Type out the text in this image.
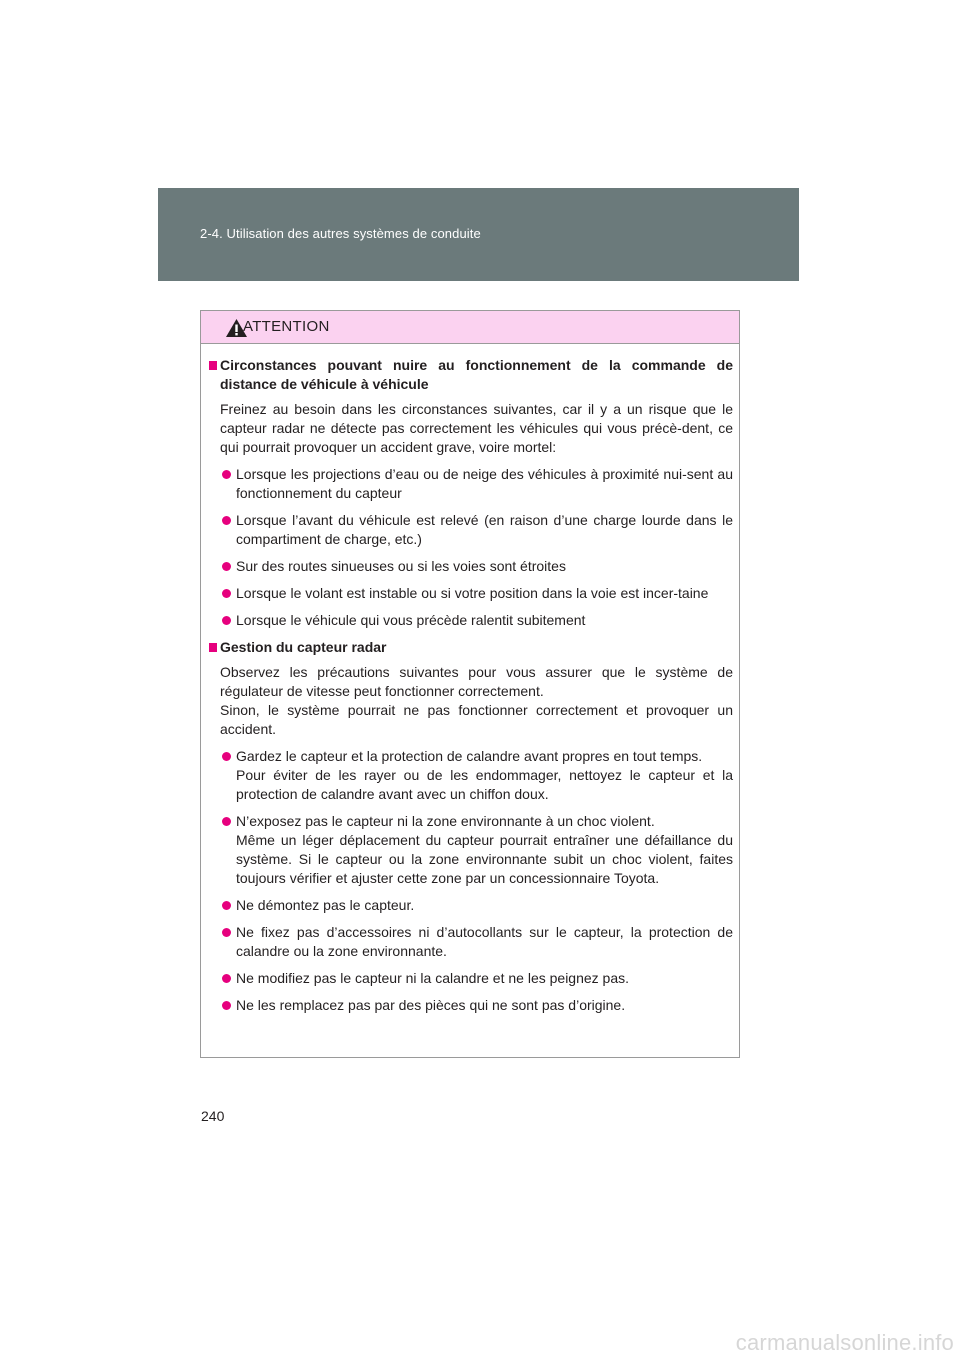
2-4. Utilisation des autres systèmes de conduite
ATTENTION
Circonstances pouvant nuire au fonctionnement de la commande de distance de véhicule à véhicule
Freinez au besoin dans les circonstances suivantes, car il y a un risque que le capteur radar ne détecte pas correctement les véhicules qui vous précè-dent, ce qui pourrait provoquer un accident grave, voire mortel:
Lorsque les projections d’eau ou de neige des véhicules à proximité nui-sent au fonctionnement du capteur
Lorsque l’avant du véhicule est relevé (en raison d’une charge lourde dans le compartiment de charge, etc.)
Sur des routes sinueuses ou si les voies sont étroites
Lorsque le volant est instable ou si votre position dans la voie est incer-taine
Lorsque le véhicule qui vous précède ralentit subitement
Gestion du capteur radar
Observez les précautions suivantes pour vous assurer que le système de régulateur de vitesse peut fonctionner correctement.
Sinon, le système pourrait ne pas fonctionner correctement et provoquer un accident.
Gardez le capteur et la protection de calandre avant propres en tout temps.
Pour éviter de les rayer ou de les endommager, nettoyez le capteur et la protection de calandre avant avec un chiffon doux.
N’exposez pas le capteur ni la zone environnante à un choc violent.
Même un léger déplacement du capteur pourrait entraîner une défaillance du système. Si le capteur ou la zone environnante subit un choc violent, faites toujours vérifier et ajuster cette zone par un concessionnaire Toyota.
Ne démontez pas le capteur.
Ne fixez pas d’accessoires ni d’autocollants sur le capteur, la protection de calandre ou la zone environnante.
Ne modifiez pas le capteur ni la calandre et ne les peignez pas.
Ne les remplacez pas par des pièces qui ne sont pas d’origine.
240
carmanualsonline.info
